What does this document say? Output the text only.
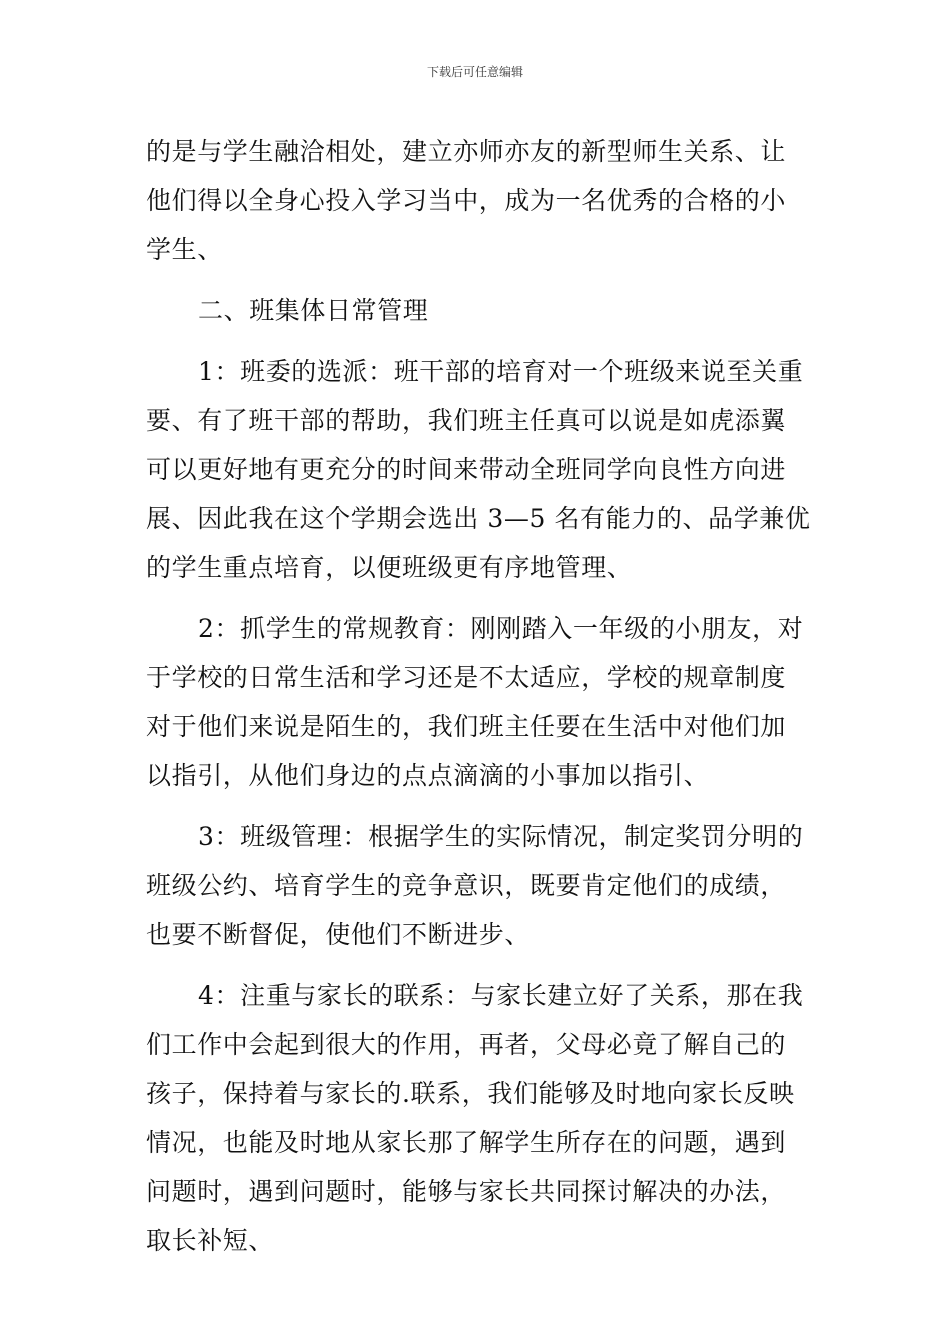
下载后可任意编辑
的是与学生融洽相处，建立亦师亦友的新型师生关系、让
他们得以全身心投入学习当中，成为一名优秀的合格的小
学生、
二、班集体日常管理
1：班委的选派：班干部的培育对一个班级来说至关重
要、有了班干部的帮助，我们班主任真可以说是如虎添翼
可以更好地有更充分的时间来带动全班同学向良性方向进
展、因此我在这个学期会选出 3—5 名有能力的、品学兼优
的学生重点培育，以便班级更有序地管理、
2：抓学生的常规教育：刚刚踏入一年级的小朋友，对
于学校的日常生活和学习还是不太适应，学校的规章制度
对于他们来说是陌生的，我们班主任要在生活中对他们加
以指引，从他们身边的点点滴滴的小事加以指引、
3：班级管理：根据学生的实际情况，制定奖罚分明的
班级公约、培育学生的竞争意识，既要肯定他们的成绩，
也要不断督促，使他们不断进步、
4：注重与家长的联系：与家长建立好了关系，那在我
们工作中会起到很大的作用，再者，父母必竟了解自己的
孩子，保持着与家长的.联系，我们能够及时地向家长反映
情况，也能及时地从家长那了解学生所存在的问题，遇到
问题时，遇到问题时，能够与家长共同探讨解决的办法，
取长补短、
